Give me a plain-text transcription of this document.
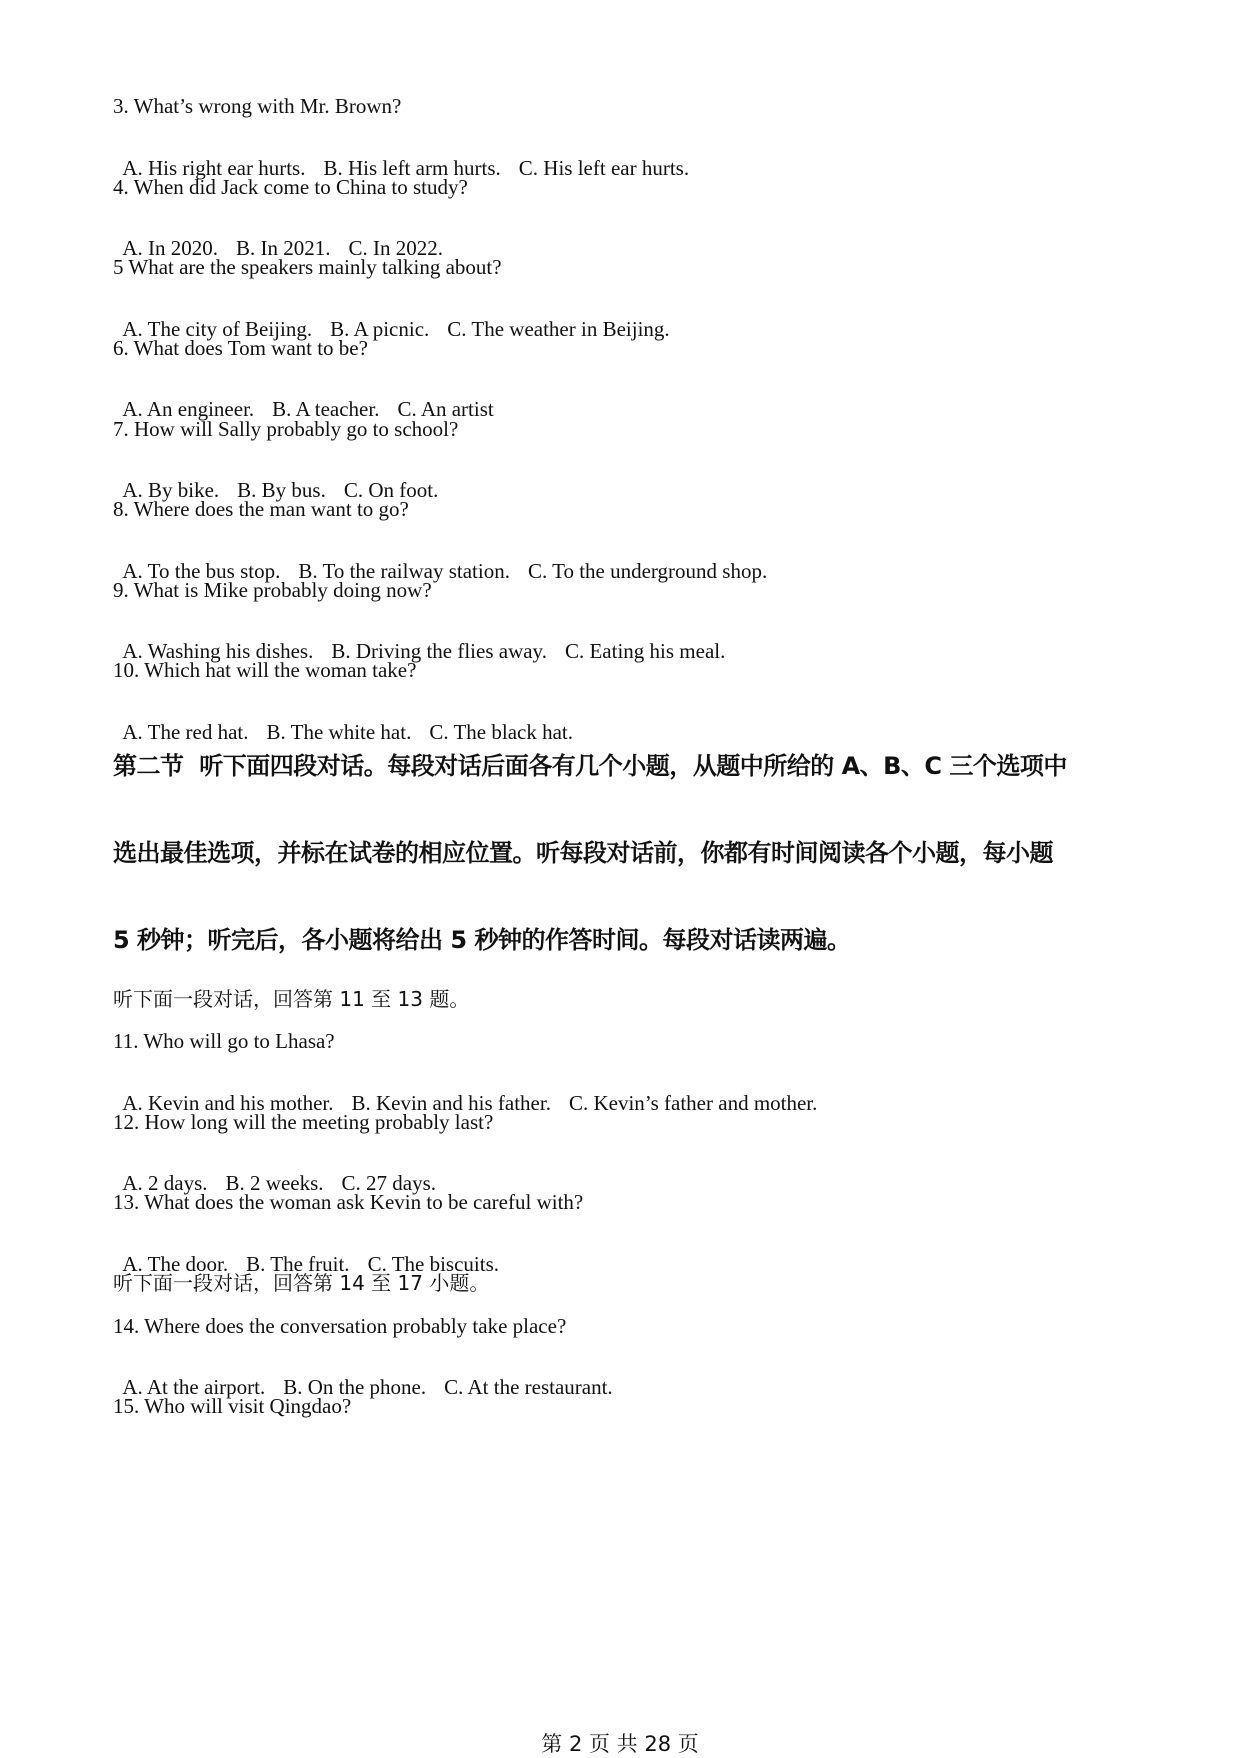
3. What’s wrong with Mr. Brown?

A. His right ear hurts. B. His left arm hurts. C. His left ear hurts.

4. When did Jack come to China to study?

A. In 2020. B. In 2021. C. In 2022.

5 What are the speakers mainly talking about?

A. The city of Beijing. B. A picnic. C. The weather in Beijing.

6. What does Tom want to be?

A. An engineer. B. A teacher. C. An artist

7. How will Sally probably go to school?

A. By bike. B. By bus. C. On foot.

8. Where does the man want to go?

A. To the bus stop. B. To the railway station. C. To the underground shop.

9. What is Mike probably doing now?

A. Washing his dishes. B. Driving the flies away. C. Eating his meal.

10. Which hat will the woman take?

A. The red hat. B. The white hat. C. The black hat.

第二节  听下面四段对话。每段对话后面各有几个小题，从题中所给的 A、B、C 三个选项中
选出最佳选项，并标在试卷的相应位置。听每段对话前，你都有时间阅读各个小题，每小题
5 秒钟；听完后，各小题将给出 5 秒钟的作答时间。每段对话读两遍。
听下面一段对话，回答第 11 至 13 题。
11. Who will go to Lhasa?

A. Kevin and his mother. B. Kevin and his father. C. Kevin’s father and mother.

12. How long will the meeting probably last?

A. 2 days. B. 2 weeks. C. 27 days.

13. What does the woman ask Kevin to be careful with?

A. The door. B. The fruit. C. The biscuits.

听下面一段对话，回答第 14 至 17 小题。
14. Where does the conversation probably take place?

A. At the airport. B. On the phone. C. At the restaurant.

15. Who will visit Qingdao?
第 2 页 共 28 页
